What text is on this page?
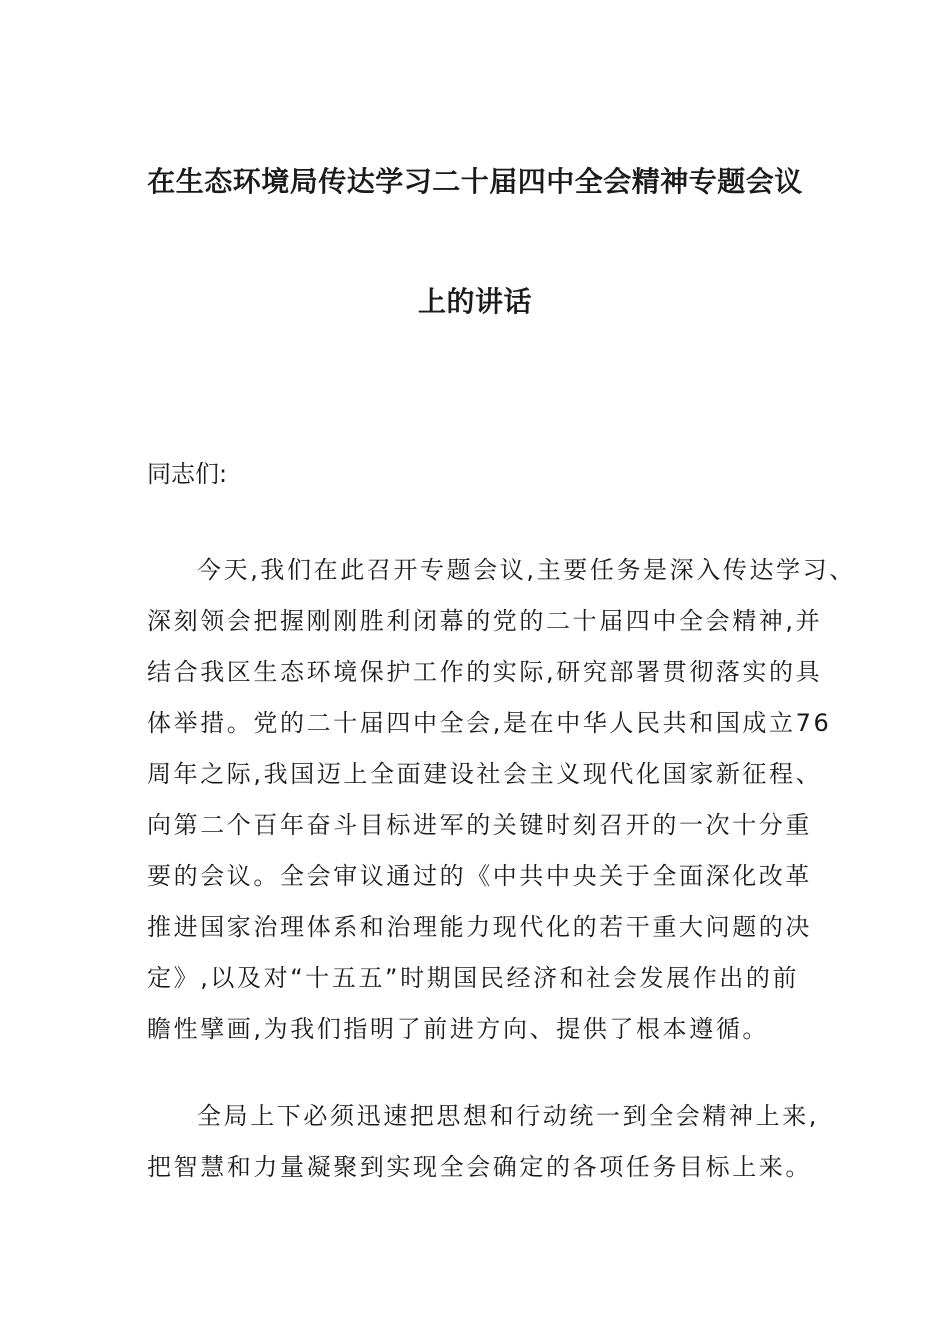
在生态环境局传达学习二十届四中全会精神专题会议
上的讲话
同志们:
今天,我们在此召开专题会议,主要任务是深入传达学习、
深刻领会把握刚刚胜利闭幕的党的二十届四中全会精神,并
结合我区生态环境保护工作的实际,研究部署贯彻落实的具
体举措。党的二十届四中全会,是在中华人民共和国成立76
周年之际,我国迈上全面建设社会主义现代化国家新征程、
向第二个百年奋斗目标进军的关键时刻召开的一次十分重
要的会议。全会审议通过的《中共中央关于全面深化改革
推进国家治理体系和治理能力现代化的若干重大问题的决
定》,以及对“十五五”时期国民经济和社会发展作出的前
瞻性擘画,为我们指明了前进方向、提供了根本遵循。
全局上下必须迅速把思想和行动统一到全会精神上来,
把智慧和力量凝聚到实现全会确定的各项任务目标上来。
